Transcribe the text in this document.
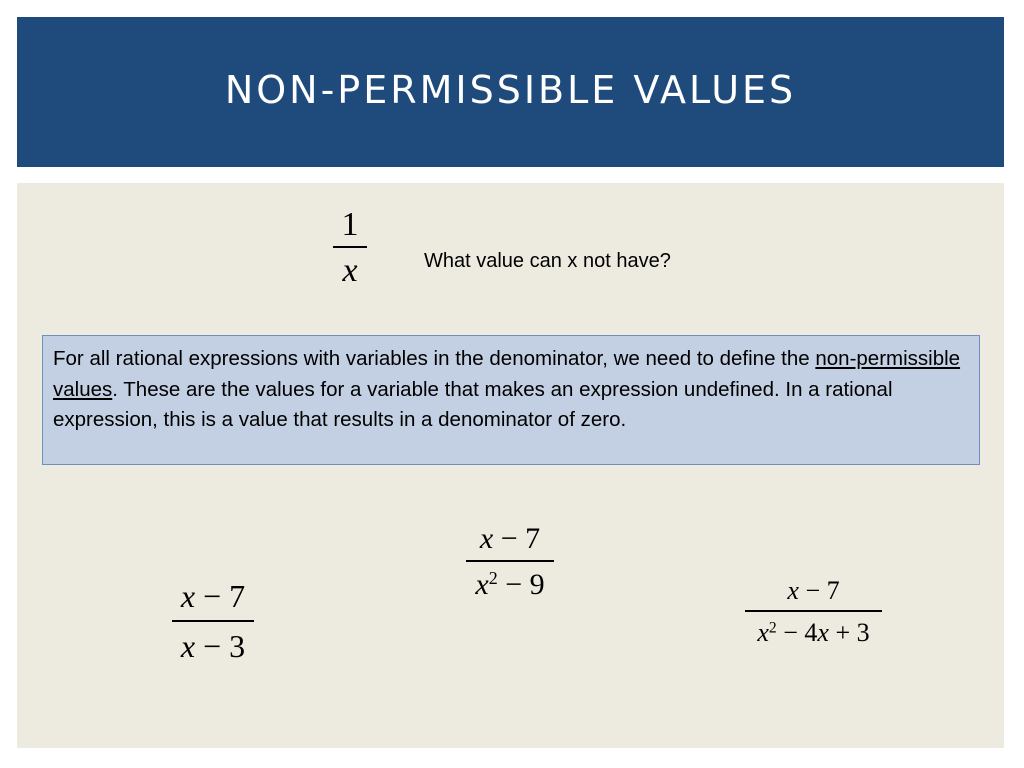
NON-PERMISSIBLE VALUES
1
x	What value can x not have?
For all rational expressions with variables in the denominator, we need to define the non-permissible values. These are the values for a variable that makes an expression undefined. In a rational expression, this is a value that results in a denominator of zero.
x − 7
x − 3
x − 7
$x^2 - 9$	x − 7
$x^2 - 4x + 3$
